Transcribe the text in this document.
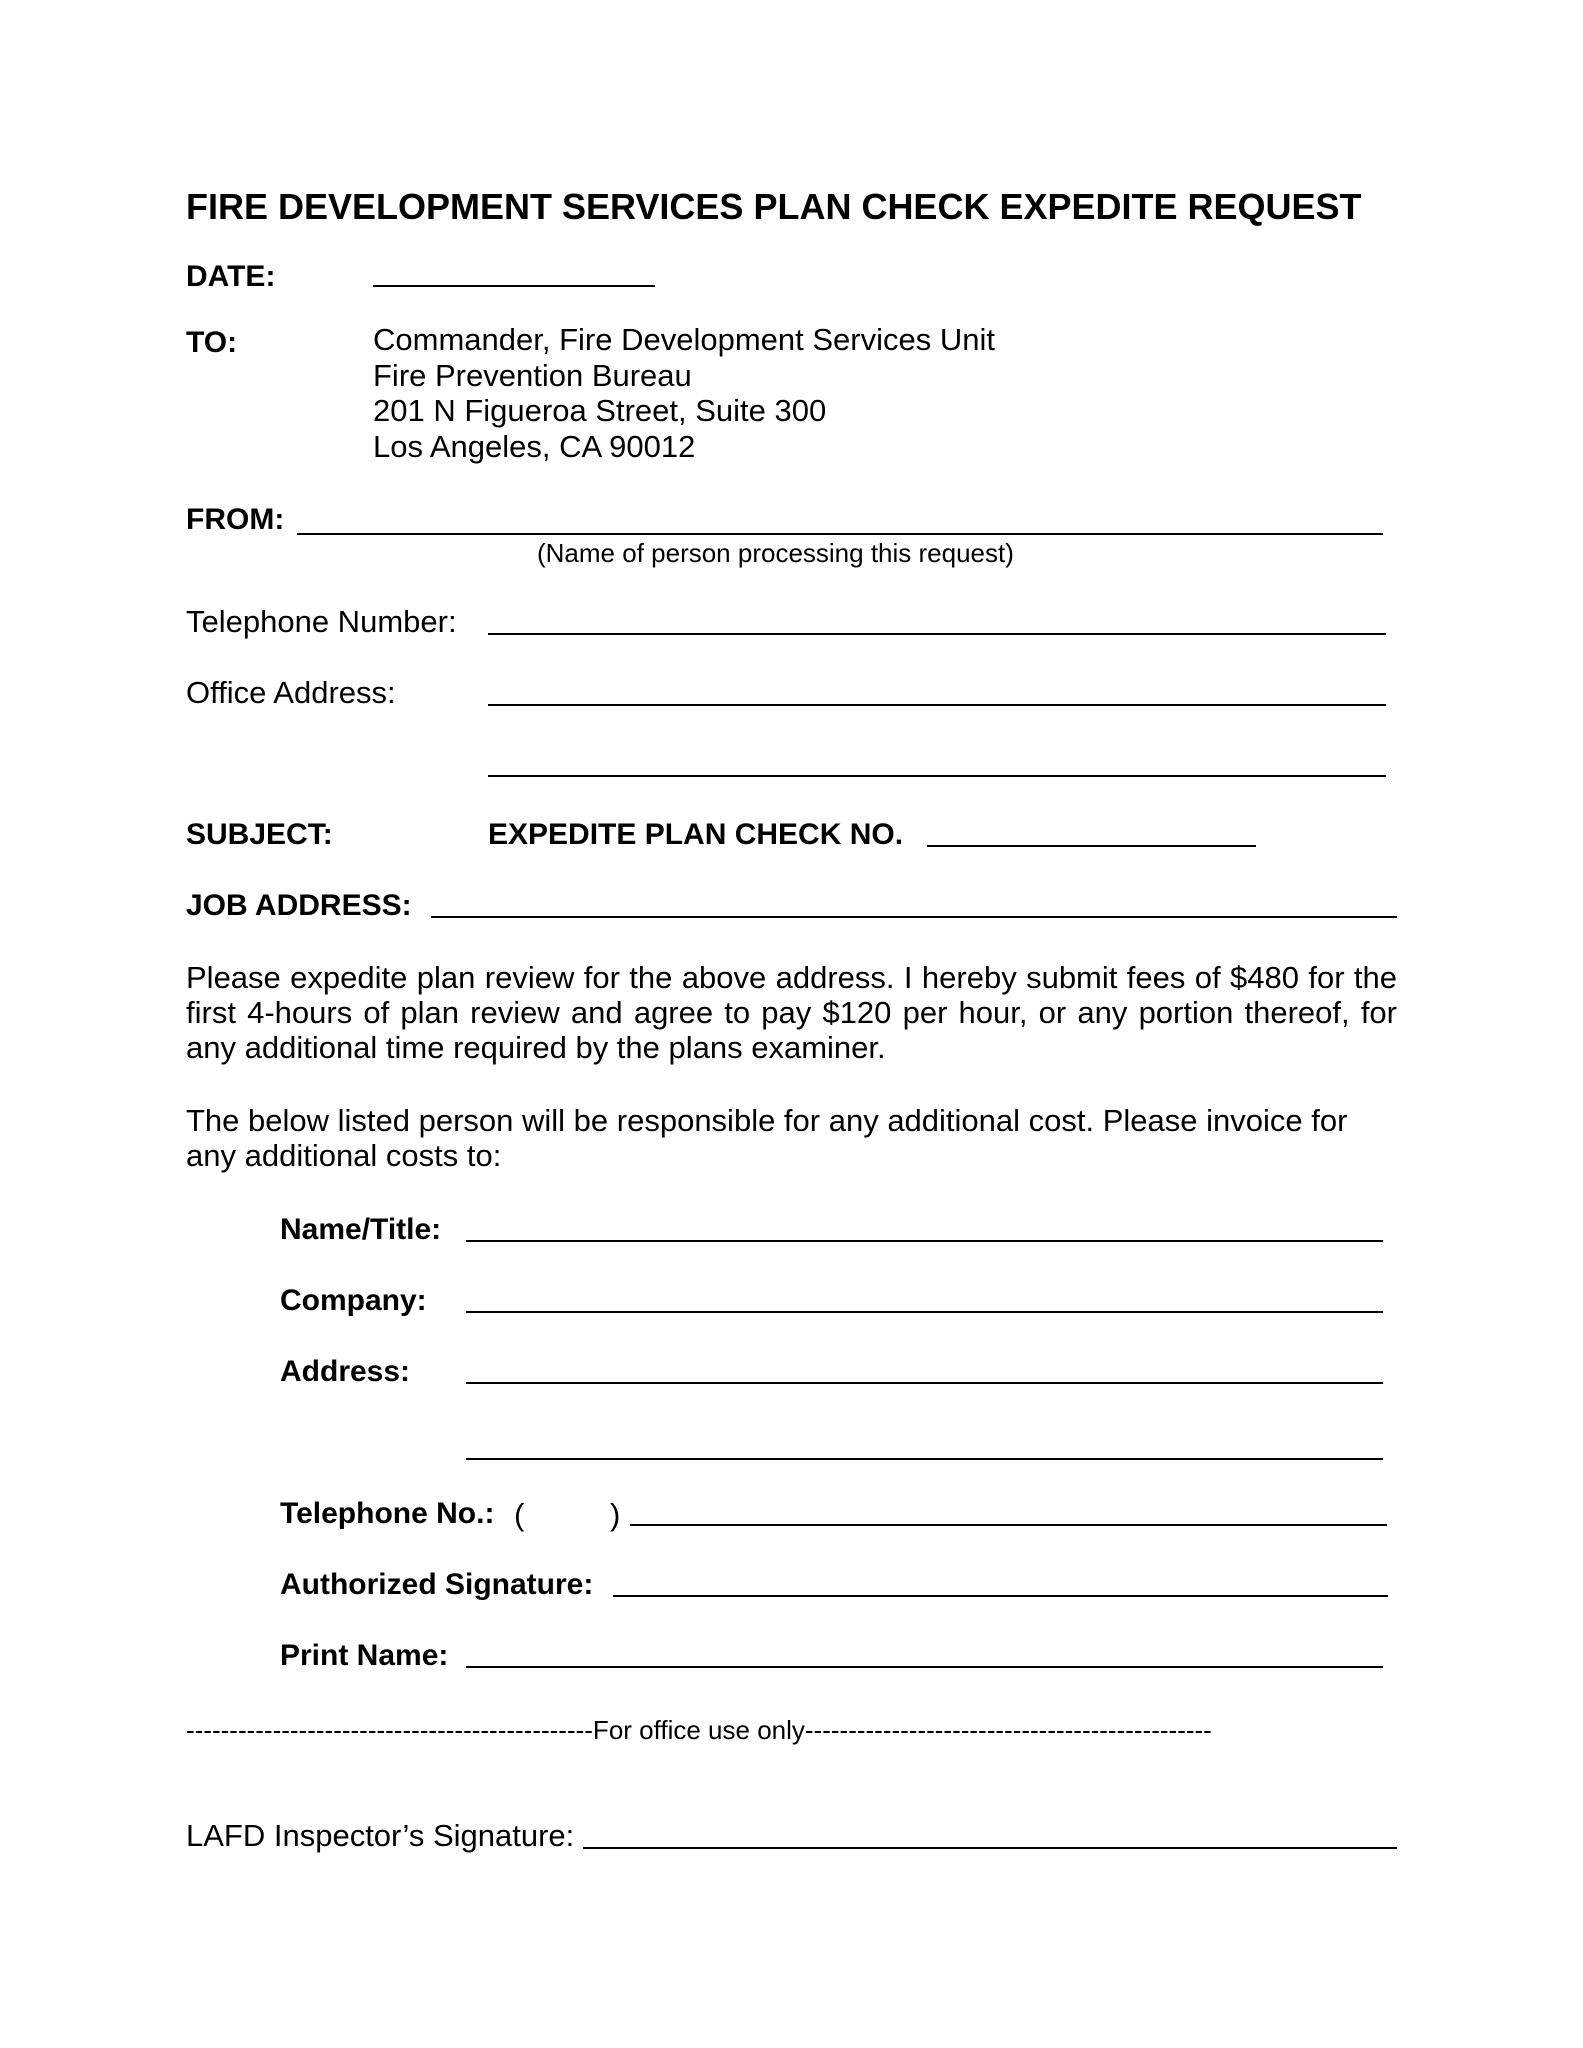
FIRE DEVELOPMENT SERVICES PLAN CHECK EXPEDITE REQUEST
DATE:
TO:	Commander, Fire Development Services Unit
Fire Prevention Bureau
201 N Figueroa Street, Suite 300
Los Angeles, CA 90012
FROM:
(Name of person processing this request)
Telephone Number:
Office Address:
SUBJECT:	EXPEDITE PLAN CHECK NO.
JOB ADDRESS:
Please expedite plan review for the above address. I hereby submit fees of $480 for the first 4-hours of plan review and agree to pay $120 per hour, or any portion thereof, for any additional time required by the plans examiner.
The below listed person will be responsible for any additional cost. Please invoice for any additional costs to:
Name/Title:
Company:
Address:
Telephone No.: (	)
Authorized Signature:
Print Name:
-----------------------------------------------For office use only-----------------------------------------------
LAFD Inspector’s Signature:
